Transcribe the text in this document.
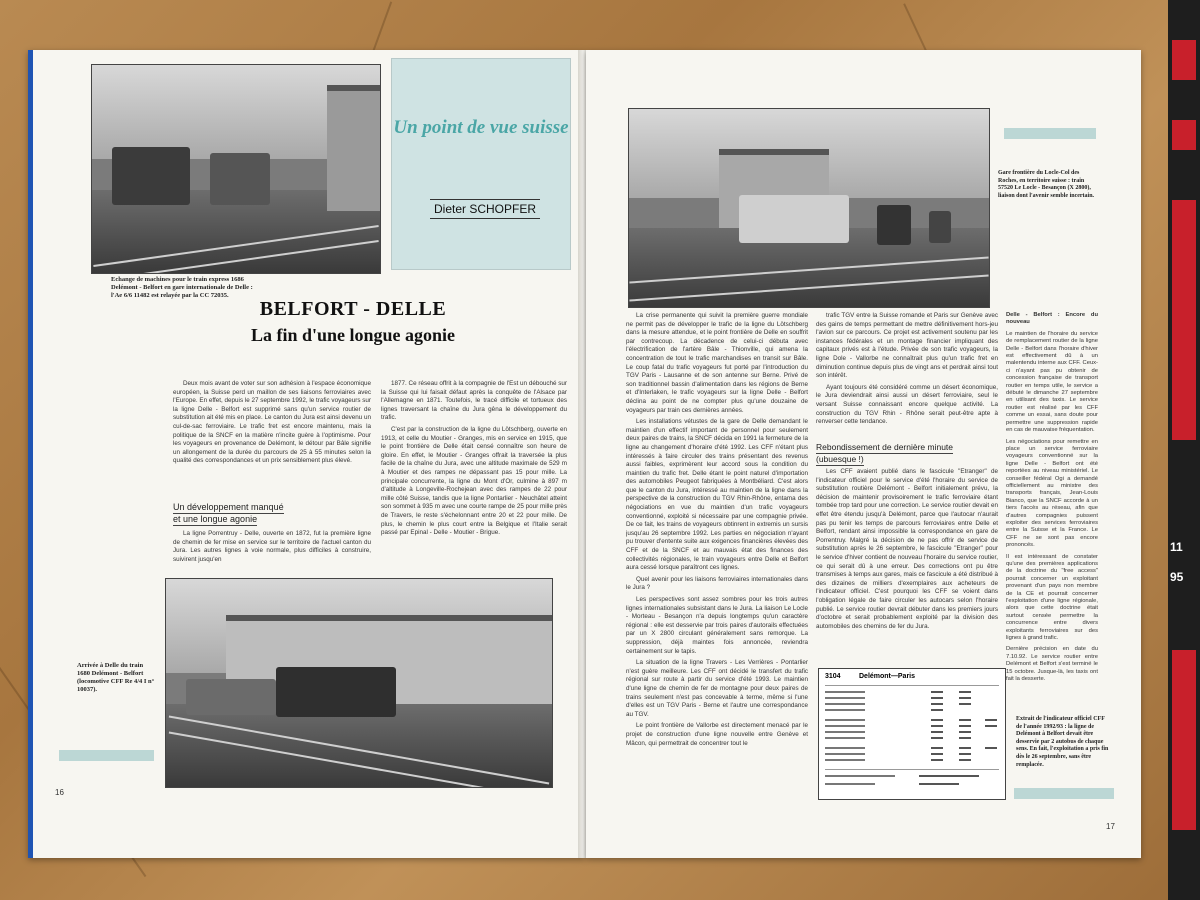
11
95
Echange de machines pour le train express 1686 Delémont - Belfort en gare internationale de Delle : l'Ae 6/6 11482 est relayée par la CC 72035.
Un point de vue suisse
Dieter SCHOPFER
BELFORT - DELLE
La fin d'une longue agonie

Deux mois avant de voter sur son adhésion à l'espace économique européen, la Suisse perd un maillon de ses liaisons ferroviaires avec l'Europe. En effet, depuis le 27 septembre 1992, le trafic voyageurs sur la ligne Delle - Belfort est supprimé sans qu'un service routier de substitution ait été mis en place. Le canton du Jura est ainsi devenu un cul-de-sac ferroviaire. Le trafic fret est encore maintenu, mais la politique de la SNCF en la matière n'incite guère à l'optimisme. Pour les voyageurs en provenance de Delémont, le détour par Bâle signifie un allongement de la durée du parcours de 25 à 55 minutes selon la qualité des correspondances et un prix sensiblement plus élevé.

Un développement manqué
et une longue agonie

La ligne Porrentruy - Delle, ouverte en 1872, fut la première ligne de chemin de fer mise en service sur le territoire de l'actuel canton du Jura. Les autres lignes à voie normale, plus difficiles à construire, suivirent jusqu'en

1877. Ce réseau offrit à la compagnie de l'Est un débouché sur la Suisse qui lui faisait défaut après la conquête de l'Alsace par l'Allemagne en 1871. Toutefois, le tracé difficile et tortueux des lignes traversant la chaîne du Jura gêna le développement du trafic.

C'est par la construction de la ligne du Lötschberg, ouverte en 1913, et celle du Moutier - Granges, mis en service en 1915, que le point frontière de Delle était censé connaître son heure de gloire. En effet, le Moutier - Granges offrait la traversée la plus facile de la chaîne du Jura, avec une altitude maximale de 529 m à Moutier et des rampes ne dépassant pas 15 pour mille. La principale concurrente, la ligne du Mont d'Or, culmine à 897 m d'altitude à Longeville-Rochejean avec des rampes de 22 pour mille côté Suisse, tandis que la ligne Pontarlier - Neuchâtel atteint son sommet à 935 m avec une courte rampe de 25 pour mille près de Travers, le reste s'échelonnant entre 20 et 22 pour mille. De plus, le chemin le plus court entre la Belgique et l'Italie serait passé par Epinal - Delle - Moutier - Brigue.

Arrivée à Delle du train 1680 Delémont - Belfort (locomotive CFF Re 4/4 I n° 10037).
16
Gare frontière du Locle-Col des Roches, en territoire suisse : train 57520 Le Locle - Besançon (X 2800), liaison dont l'avenir semble incertain.

La crise permanente qui suivit la première guerre mondiale ne permit pas de développer le trafic de la ligne du Lötschberg dans la mesure attendue, et le point frontière de Delle en souffrit par contrecoup. La décadence de celui-ci débuta avec l'électrification de l'artère Bâle - Thionville, qui amena la concentration de tout le trafic marchandises en transit sur Bâle. Le coup fatal du trafic voyageurs fut porté par l'introduction du TGV Paris - Lausanne et de son antenne sur Berne. Privé de son traditionnel bassin d'alimentation dans les régions de Berne et d'Interlaken, le trafic voyageurs sur la ligne Delle - Belfort déclina au point de ne compter plus qu'une douzaine de voyageurs par train ces dernières années.

Les installations vétustes de la gare de Delle demandant le maintien d'un effectif important de personnel pour seulement deux paires de trains, la SNCF décida en 1991 la fermeture de la ligne au changement d'horaire d'été 1992. Les CFF n'étant plus intéressés à faire circuler des trains présentant des revenus aussi faibles, exprimèrent leur accord sous la condition du maintien du trafic fret. Delle étant le point naturel d'importation des automobiles Peugeot fabriquées à Montbéliard. C'est alors que le canton du Jura, intéressé au maintien de la ligne dans la perspective de la construction du TGV Rhin-Rhône, entama des négociations en vue du maintien d'un trafic voyageurs conventionné, exploité si nécessaire par une compagnie privée. De ce fait, les trains de voyageurs obtinrent in extremis un sursis jusqu'au 26 septembre 1992. Les parties en négociation n'ayant pu trouver d'entente suite aux exigences financières élevées des CFF et de la SNCF et au mauvais état des finances des collectivités régionales, le train voyageurs entre Delle et Belfort aura cessé lorsque paraîtront ces lignes.

Quel avenir pour les liaisons ferroviaires internationales dans le Jura ?

Les perspectives sont assez sombres pour les trois autres lignes internationales subsistant dans le Jura. La liaison Le Locle - Morteau - Besançon n'a depuis longtemps qu'un caractère régional : elle est desservie par trois paires d'autorails effectuées par un X 2800 circulant généralement sans remorque. La suppression, déjà maintes fois annoncée, reviendra certainement sur le tapis.

La situation de la ligne Travers - Les Verrières - Pontarlier n'est guère meilleure. Les CFF ont décidé le transfert du trafic régional sur route à partir du service d'été 1993. Le maintien d'une ligne de chemin de fer de montagne pour deux paires de trains seulement n'est pas concevable à terme, même si l'une d'elles est un TGV Paris - Berne et l'autre une correspondance au TGV.

Le point frontière de Vallorbe est directement menacé par le projet de construction d'une ligne nouvelle entre Genève et Mâcon, qui permettrait de concentrer tout le

trafic TGV entre la Suisse romande et Paris sur Genève avec des gains de temps permettant de mettre définitivement hors-jeu l'avion sur ce parcours. Ce projet est activement soutenu par les instances fédérales et un montage financier impliquant des capitaux privés est à l'étude. Privée de son trafic voyageurs, la ligne Dole - Vallorbe ne connaîtrait plus qu'un trafic fret en diminution continue depuis plus de vingt ans et perdrait ainsi tout son intérêt.

Ayant toujours été considéré comme un désert économique, le Jura deviendrait ainsi aussi un désert ferroviaire, seul le versant Suisse connaissant encore quelque activité. La construction du TGV Rhin - Rhône serait peut-être apte à renverser cette tendance.

Rebondissement de dernière minute
(ubuesque !)

Les CFF avaient publié dans le fascicule "Etranger" de l'indicateur officiel pour le service d'été l'horaire du service de substitution routière Delémont - Belfort initialement prévu, la décision de maintenir provisoirement le trafic ferroviaire étant tombée trop tard pour une correction. Le service routier devait en effet être étendu jusqu'à Delémont, parce que l'autocar n'aurait pas pu tenir les temps de parcours ferroviaires entre Delle et Belfort, rendant ainsi impossible la correspondance en gare de Porrentruy. Malgré la décision de ne pas offrir de service de substitution après le 26 septembre, le fascicule "Etranger" pour le service d'hiver contient de nouveau l'horaire du service routier, ce qui serait dû à une erreur. Des corrections ont pu être transmises à temps aux gares, mais ce fascicule a été distribué à des dizaines de milliers d'exemplaires aux acheteurs de l'indicateur officiel. C'est pourquoi les CFF se voient dans l'obligation légale de faire circuler les autocars selon l'horaire publié. Le service routier devrait débuter dans les premiers jours d'octobre et serait probablement exploité par la division des automobiles des chemins de fer du Jura.

3104	Delémont—Paris

Delle - Belfort : Encore du nouveau

Le maintien de l'horaire du service de remplacement routier de la ligne Delle - Belfort dans l'horaire d'hiver est effectivement dû à un malentendu interne aux CFF. Ceux-ci n'ayant pas pu obtenir de concession française de transport routier en temps utile, le service a débuté le dimanche 27 septembre en utilisant des taxis. Le service routier est réalisé par les CFF comme un essai, sans doute pour permettre une suppression rapide en cas de mauvaise fréquentation.

Les négociations pour remettre en place un service ferroviaire voyageurs conventionné sur la ligne Delle - Belfort ont été reportées au niveau ministériel. Le conseiller fédéral Ogi a demandé officiellement au ministre des transports français, Jean-Louis Bianco, que la SNCF accorde à un tiers l'accès au réseau, afin que d'autres compagnies puissent exploiter des services ferroviaires entre la Suisse et la France. Le CFF ne se sont pas encore prononcés.

Il est intéressant de constater qu'une des premières applications de la doctrine du "free access" pourrait concerner un exploitant provenant d'un pays non membre de la CE et pourrait concerner l'exploitation d'une ligne régionale, alors que cette doctrine était surtout censée permettre la concurrence entre divers exploitants ferroviaires sur des lignes à grand trafic.

Dernière précision en date du 7.10.92. Le service routier entre Delémont et Belfort s'est terminé le 15 octobre. Jusque-là, les taxis ont fait la desserte.

Extrait de l'indicateur officiel CFF de l'année 1992/93 : la ligne de Delémont à Belfort devait être desservie par 2 autobus de chaque sens. En fait, l'exploitation a pris fin dès le 26 septembre, sans être remplacée.
17
